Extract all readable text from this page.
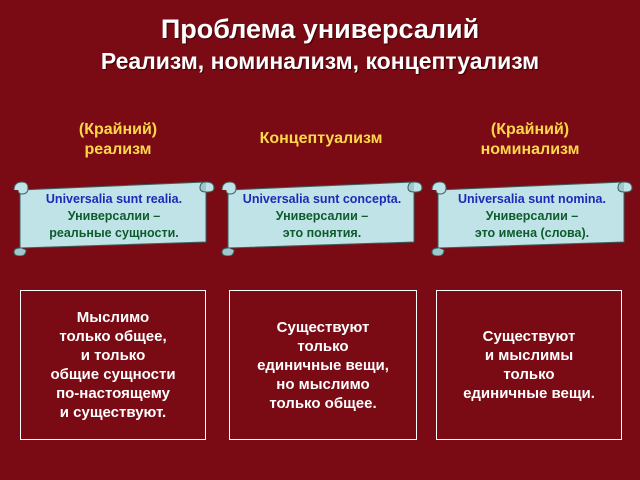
Проблема универсалий
Реализм, номинализм, концептуализм
(Крайний)
реализм
Концептуализм
(Крайний)
номинализм
Universalia sunt realia.
Универсалии –
реальные сущности.
Universalia sunt concepta.
Универсалии –
это понятия.
Universalia sunt nomina.
Универсалии –
это имена (слова).
Мыслимо
только общее,
и только
общие сущности
по-настоящему
и существуют.
Существуют
только
единичные вещи,
но мыслимо
только общее.
Существуют
и мыслимы
только
единичные вещи.
